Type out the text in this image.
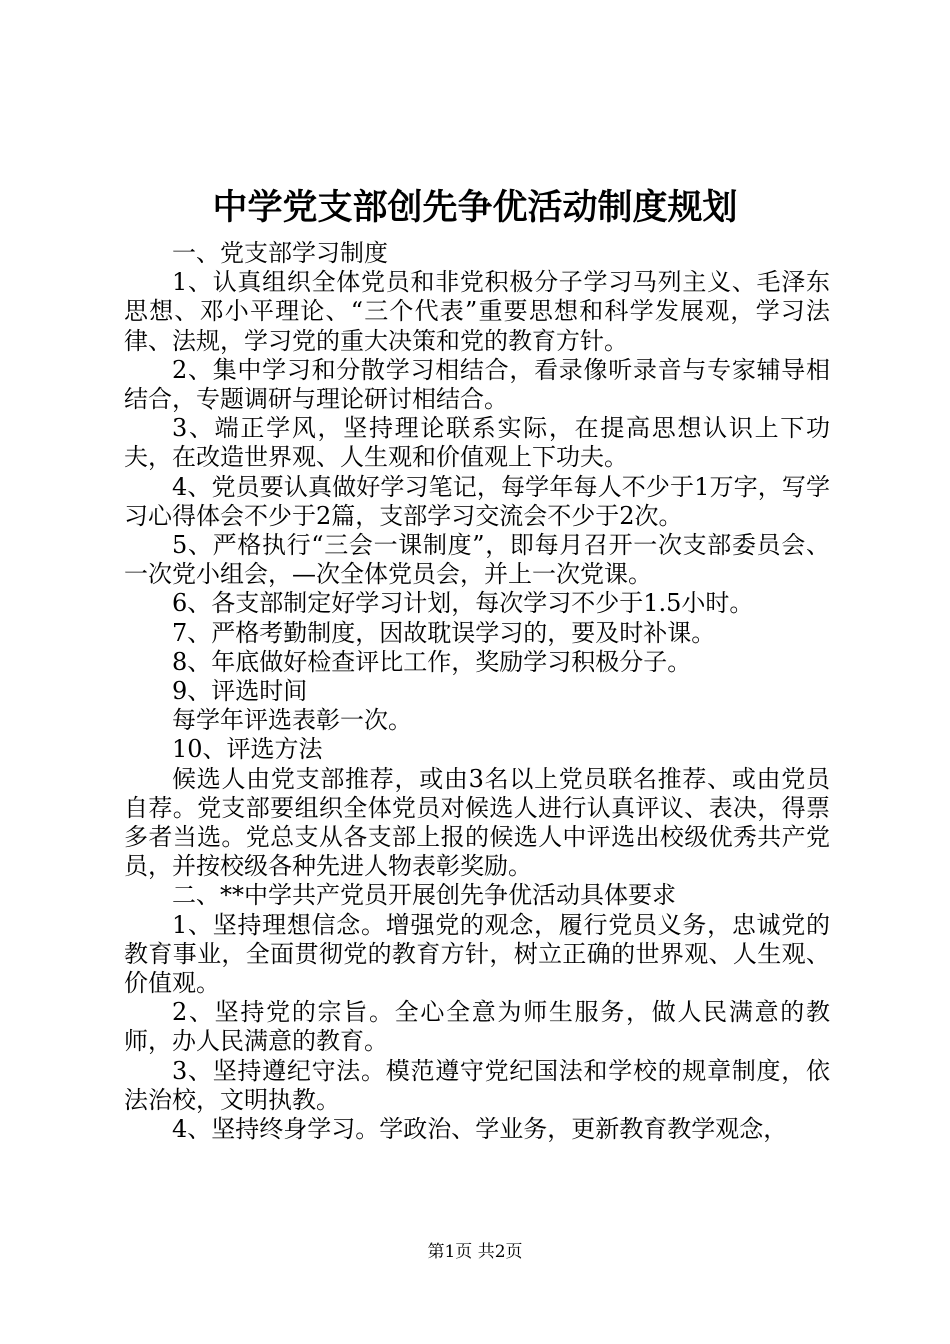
中学党支部创先争优活动制度规划

一、党支部学习制度

1、认真组织全体党员和非党积极分子学习马列主义、毛泽东思想、邓小平理论、“三个代表”重要思想和科学发展观，学习法律、法规，学习党的重大决策和党的教育方针。

2、集中学习和分散学习相结合，看录像听录音与专家辅导相结合，专题调研与理论研讨相结合。

3、端正学风，坚持理论联系实际，在提高思想认识上下功夫，在改造世界观、人生观和价值观上下功夫。

4、党员要认真做好学习笔记，每学年每人不少于1万字，写学习心得体会不少于2篇，支部学习交流会不少于2次。

5、严格执行“三会一课制度”，即每月召开一次支部委员会、一次党小组会，—次全体党员会，并上一次党课。

6、各支部制定好学习计划，每次学习不少于1.5小时。

7、严格考勤制度，因故耽误学习的，要及时补课。

8、年底做好检查评比工作，奖励学习积极分子。

9、评选时间

每学年评选表彰一次。

10、评选方法

候选人由党支部推荐，或由3名以上党员联名推荐、或由党员自荐。党支部要组织全体党员对候选人进行认真评议、表决，得票多者当选。党总支从各支部上报的候选人中评选出校级优秀共产党员，并按校级各种先进人物表彰奖励。

二、**中学共产党员开展创先争优活动具体要求

1、坚持理想信念。增强党的观念，履行党员义务，忠诚党的教育事业，全面贯彻党的教育方针，树立正确的世界观、人生观、价值观。

2、坚持党的宗旨。全心全意为师生服务，做人民满意的教师，办人民满意的教育。

3、坚持遵纪守法。模范遵守党纪国法和学校的规章制度，依法治校，文明执教。

4、坚持终身学习。学政治、学业务，更新教育教学观念，

第1页 共2页
